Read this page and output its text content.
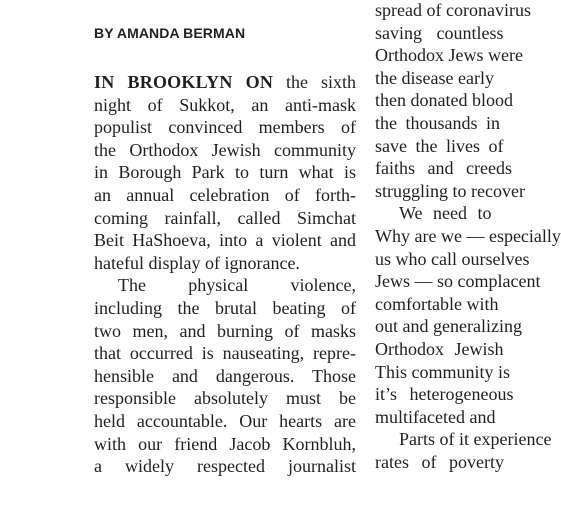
BY AMANDA BERMAN
IN BROOKLYN ON the sixth
night of Sukkot, an anti-mask
populist convinced members of
the Orthodox Jewish community
in Borough Park to turn what is
an annual celebration of forth-
coming rainfall, called Simchat
Beit HaShoeva, into a violent and
hateful display of ignorance.
The physical violence,
including the brutal beating of
two men, and burning of masks
that occurred is nauseating, repre-
hensible and dangerous. Those
responsible absolutely must be
held accountable. Our hearts are
with our friend Jacob Kornbluh,
a widely respected journalist
spread of coronavirus
saving countless
Orthodox Jews were
the disease early
then donated blood
the thousands in
save the lives of
faiths and creeds
struggling to recover
We need to
Why are we — especially
us who call ourselves
Jews — so complacent
comfortable with
out and generalizing
Orthodox Jewish
This community is
it’s heterogeneous
multifaceted and
Parts of it experience
rates of poverty
